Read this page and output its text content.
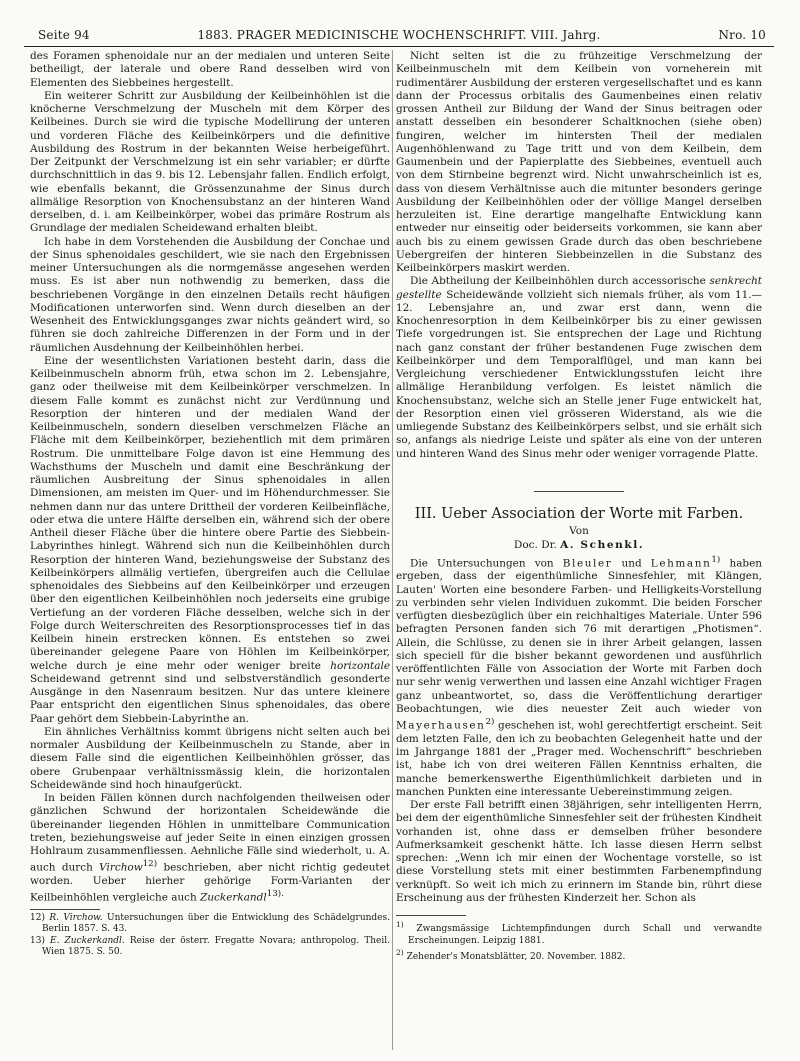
Seite 94	1883. PRAGER MEDICINISCHE WOCHENSCHRIFT. VIII. Jahrg.	Nro. 10

des Foramen sphenoidale nur an der medialen und unteren Seite betheiligt, der laterale und obere Rand desselben wird von Elementen des Siebbeines hergestellt.

Ein weiterer Schritt zur Ausbildung der Keilbeinhöhlen ist die knöcherne Verschmelzung der Muscheln mit dem Körper des Keilbeines. Durch sie wird die typische Modellirung der unteren und vorderen Fläche des Keilbeinkörpers und die definitive Ausbildung des Rostrum in der bekannten Weise herbeigeführt. Der Zeitpunkt der Verschmelzung ist ein sehr variabler; er dürfte durchschnittlich in das 9. bis 12. Lebensjahr fallen. Endlich erfolgt, wie ebenfalls bekannt, die Grössenzunahme der Sinus durch allmälige Resorption von Knochensubstanz an der hinteren Wand derselben, d. i. am Keilbeinkörper, wobei das primäre Rostrum als Grundlage der medialen Scheidewand erhalten bleibt.

Ich habe in dem Vorstehenden die Ausbildung der Conchae und der Sinus sphenoidales geschildert, wie sie nach den Ergebnissen meiner Untersuchungen als die normgemässe angesehen werden muss. Es ist aber nun nothwendig zu bemerken, dass die beschriebenen Vorgänge in den einzelnen Details recht häufigen Modificationen unterworfen sind. Wenn durch dieselben an der Wesenheit des Entwicklungsganges zwar nichts geändert wird, so führen sie doch zahlreiche Differenzen in der Form und in der räumlichen Ausdehnung der Keilbeinhöhlen herbei.

Eine der wesentlichsten Variationen besteht darin, dass die Keilbeinmuscheln abnorm früh, etwa schon im 2. Lebensjahre, ganz oder theilweise mit dem Keilbeinkörper verschmelzen. In diesem Falle kommt es zunächst nicht zur Verdünnung und Resorption der hinteren und der medialen Wand der Keilbeinmuscheln, sondern dieselben verschmelzen Fläche an Fläche mit dem Keilbeinkörper, beziehentlich mit dem primären Rostrum. Die unmittelbare Folge davon ist eine Hemmung des Wachsthums der Muscheln und damit eine Beschränkung der räumlichen Ausbreitung der Sinus sphenoidales in allen Dimensionen, am meisten im Quer- und im Höhendurchmesser. Sie nehmen dann nur das untere Drittheil der vorderen Keilbeinfläche, oder etwa die untere Hälfte derselben ein, während sich der obere Antheil dieser Fläche über die hintere obere Partie des Siebbein-Labyrinthes hinlegt. Während sich nun die Keilbeinhöhlen durch Resorption der hinteren Wand, beziehungsweise der Substanz des Keilbeinkörpers allmälig vertiefen, übergreifen auch die Cellulae sphenoidales des Siebbeins auf den Keilbeinkörper und erzeugen über den eigentlichen Keilbeinhöhlen noch jederseits eine grubige Vertiefung an der vorderen Fläche desselben, welche sich in der Folge durch Weiterschreiten des Resorptionsprocesses tief in das Keilbein hinein erstrecken können. Es entstehen so zwei übereinander gelegene Paare von Höhlen im Keilbeinkörper, welche durch je eine mehr oder weniger breite horizontale Scheidewand getrennt sind und selbstverständlich gesonderte Ausgänge in den Nasenraum besitzen. Nur das untere kleinere Paar entspricht den eigentlichen Sinus sphenoidales, das obere Paar gehört dem Siebbein-Labyrinthe an.

Ein ähnliches Verhältniss kommt übrigens nicht selten auch bei normaler Ausbildung der Keilbeinmuscheln zu Stande, aber in diesem Falle sind die eigentlichen Keilbeinhöhlen grösser, das obere Grubenpaar verhältnissmässig klein, die horizontalen Scheidewände sind hoch hinaufgerückt.

In beiden Fällen können durch nachfolgenden theilweisen oder gänzlichen Schwund der horizontalen Scheidewände die übereinander liegenden Höhlen in unmittelbare Communication treten, beziehungsweise auf jeder Seite in einen einzigen grossen Hohlraum zusammenfliessen. Aehnliche Fälle sind wiederholt, u. A. auch durch Virchow$^{12)}$ beschrieben, aber nicht richtig gedeutet worden. Ueber hierher gehörige Form-Varianten der Keilbeinhöhlen vergleiche auch Zuckerkandl$^{13).}$

12) R. Virchow. Untersuchungen über die Entwicklung des Schädelgrundes. Berlin 1857. S. 43.

13) E. Zuckerkandl. Reise der österr. Fregatte Novara; anthropolog. Theil. Wien 1875. S. 50.

Nicht selten ist die zu frühzeitige Verschmelzung der Keilbeinmuscheln mit dem Keilbein von vorneherein mit rudimentärer Ausbildung der ersteren vergesellschaftet und es kann dann der Processus orbitalis des Gaumenbeines einen relativ grossen Antheil zur Bildung der Wand der Sinus beitragen oder anstatt desselben ein besonderer Schaltknochen (siehe oben) fungiren, welcher im hintersten Theil der medialen Augenhöhlenwand zu Tage tritt und von dem Keilbein, dem Gaumenbein und der Papierplatte des Siebbeines, eventuell auch von dem Stirnbeine begrenzt wird. Nicht unwahrscheinlich ist es, dass von diesem Verhältnisse auch die mitunter besonders geringe Ausbildung der Keilbeinhöhlen oder der völlige Mangel derselben herzuleiten ist. Eine derartige mangelhafte Entwicklung kann entweder nur einseitig oder beiderseits vorkommen, sie kann aber auch bis zu einem gewissen Grade durch das oben beschriebene Uebergreifen der hinteren Siebbeinzellen in die Substanz des Keilbeinkörpers maskirt werden.

Die Abtheilung der Keilbeinhöhlen durch accessorische senkrecht gestellte Scheidewände vollzieht sich niemals früher, als vom 11.—12. Lebensjahre an, und zwar erst dann, wenn die Knochenresorption in dem Keilbeinkörper bis zu einer gewissen Tiefe vorgedrungen ist. Sie entsprechen der Lage und Richtung nach ganz constant der früher bestandenen Fuge zwischen dem Keilbeinkörper und dem Temporalflügel, und man kann bei Vergleichung verschiedener Entwicklungsstufen leicht ihre allmälige Heranbildung verfolgen. Es leistet nämlich die Knochensubstanz, welche sich an Stelle jener Fuge entwickelt hat, der Resorption einen viel grösseren Widerstand, als wie die umliegende Substanz des Keilbeinkörpers selbst, und sie erhält sich so, anfangs als niedrige Leiste und später als eine von der unteren und hinteren Wand des Sinus mehr oder weniger vorragende Platte.

III. Ueber Association der Worte mit Farben.

Von

Doc. Dr. A. Schenkl.

Die Untersuchungen von Bleuler und Lehmann$^{1)}$ haben ergeben, dass der eigenthümliche Sinnesfehler, mit Klängen, Lauten' Worten eine besondere Farben- und Helligkeits-Vorstellung zu verbinden sehr vielen Individuen zukommt. Die beiden Forscher verfügten diesbezüglich über ein reichhaltiges Materiale. Unter 596 befragten Personen fanden sich 76 mit derartigen „Photismen“. Allein, die Schlüsse, zu denen sie in ihrer Arbeit gelangen, lassen sich speciell für die bisher bekannt gewordenen und ausführlich veröffentlichten Fälle von Association der Worte mit Farben doch nur sehr wenig verwerthen und lassen eine Anzahl wichtiger Fragen ganz unbeantwortet, so, dass die Veröffentlichung derartiger Beobachtungen, wie dies neuester Zeit auch wieder von Mayerhausen$^{2)}$ geschehen ist, wohl gerechtfertigt erscheint. Seit dem letzten Falle, den ich zu beobachten Gelegenheit hatte und der im Jahrgange 1881 der „Prager med. Wochenschrift“ beschrieben ist, habe ich von drei weiteren Fällen Kenntniss erhalten, die manche bemerkenswerthe Eigenthümlichkeit darbieten und in manchen Punkten eine interessante Uebereinstimmung zeigen.

Der erste Fall betrifft einen 38jährigen, sehr intelligenten Herrn, bei dem der eigenthümliche Sinnesfehler seit der frühesten Kindheit vorhanden ist, ohne dass er demselben früher besondere Aufmerksamkeit geschenkt hätte. Ich lasse diesen Herrn selbst sprechen: „Wenn ich mir einen der Wochentage vorstelle, so ist diese Vorstellung stets mit einer bestimmten Farbenempfindung verknüpft. So weit ich mich zu erinnern im Stande bin, rührt diese Erscheinung aus der frühesten Kinderzeit her. Schon als

$^{1)}$ Zwangsmässige Lichtempfindungen durch Schall und verwandte Erscheinungen. Leipzig 1881.

$^{2)}$ Zehender's Monatsblätter, 20. November. 1882.
